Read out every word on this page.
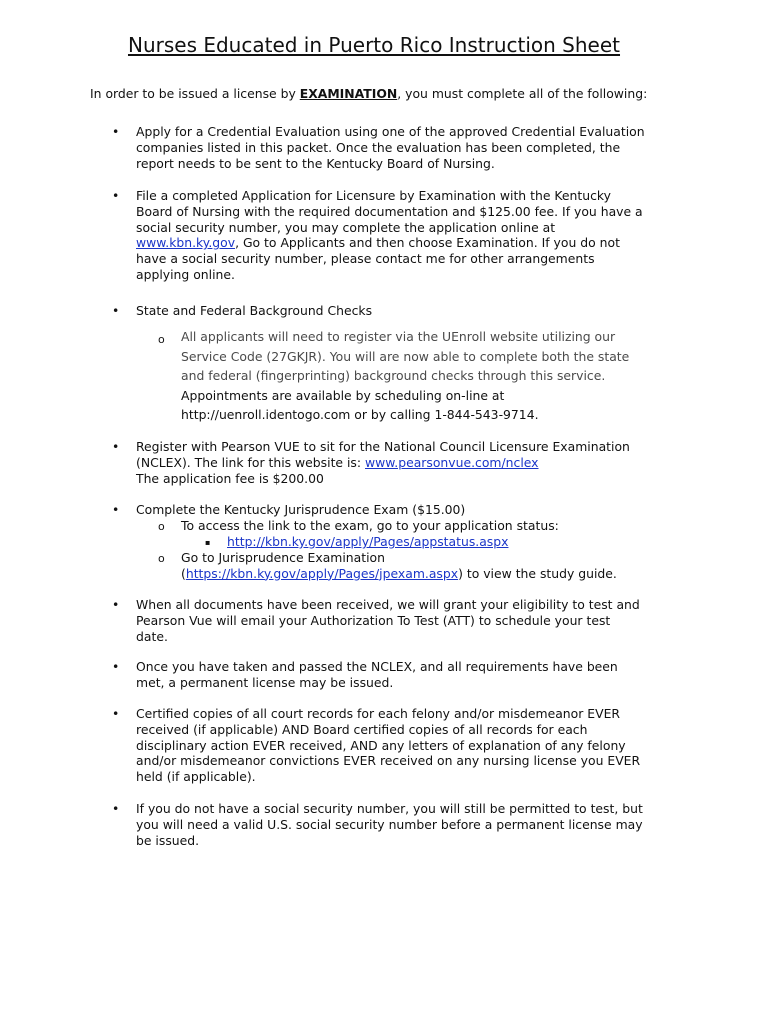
Nurses Educated in Puerto Rico Instruction Sheet
In order to be issued a license by EXAMINATION, you must complete all of the following:
• Apply for a Credential Evaluation using one of the approved Credential Evaluation
companies listed in this packet. Once the evaluation has been completed, the
report needs to be sent to the Kentucky Board of Nursing.
• File a completed Application for Licensure by Examination with the Kentucky
Board of Nursing with the required documentation and $125.00 fee. If you have a
social security number, you may complete the application online at
www.kbn.ky.gov, Go to Applicants and then choose Examination. If you do not
have a social security number, please contact me for other arrangements
applying online.
• State and Federal Background Checks
o All applicants will need to register via the UEnroll website utilizing our
Service Code (27GKJR). You will are now able to complete both the state
and federal (fingerprinting) background checks through this service.
Appointments are available by scheduling on-line at
http://uenroll.identogo.com or by calling 1-844-543-9714.
• Register with Pearson VUE to sit for the National Council Licensure Examination
(NCLEX). The link for this website is: www.pearsonvue.com/nclex
The application fee is $200.00
• Complete the Kentucky Jurisprudence Exam ($15.00)
o To access the link to the exam, go to your application status:
▪ http://kbn.ky.gov/apply/Pages/appstatus.aspx
o Go to Jurisprudence Examination
(https://kbn.ky.gov/apply/Pages/jpexam.aspx) to view the study guide.
• When all documents have been received, we will grant your eligibility to test and
Pearson Vue will email your Authorization To Test (ATT) to schedule your test
date.
• Once you have taken and passed the NCLEX, and all requirements have been
met, a permanent license may be issued.
• Certified copies of all court records for each felony and/or misdemeanor EVER
received (if applicable) AND Board certified copies of all records for each
disciplinary action EVER received, AND any letters of explanation of any felony
and/or misdemeanor convictions EVER received on any nursing license you EVER
held (if applicable).
• If you do not have a social security number, you will still be permitted to test, but
you will need a valid U.S. social security number before a permanent license may
be issued.
